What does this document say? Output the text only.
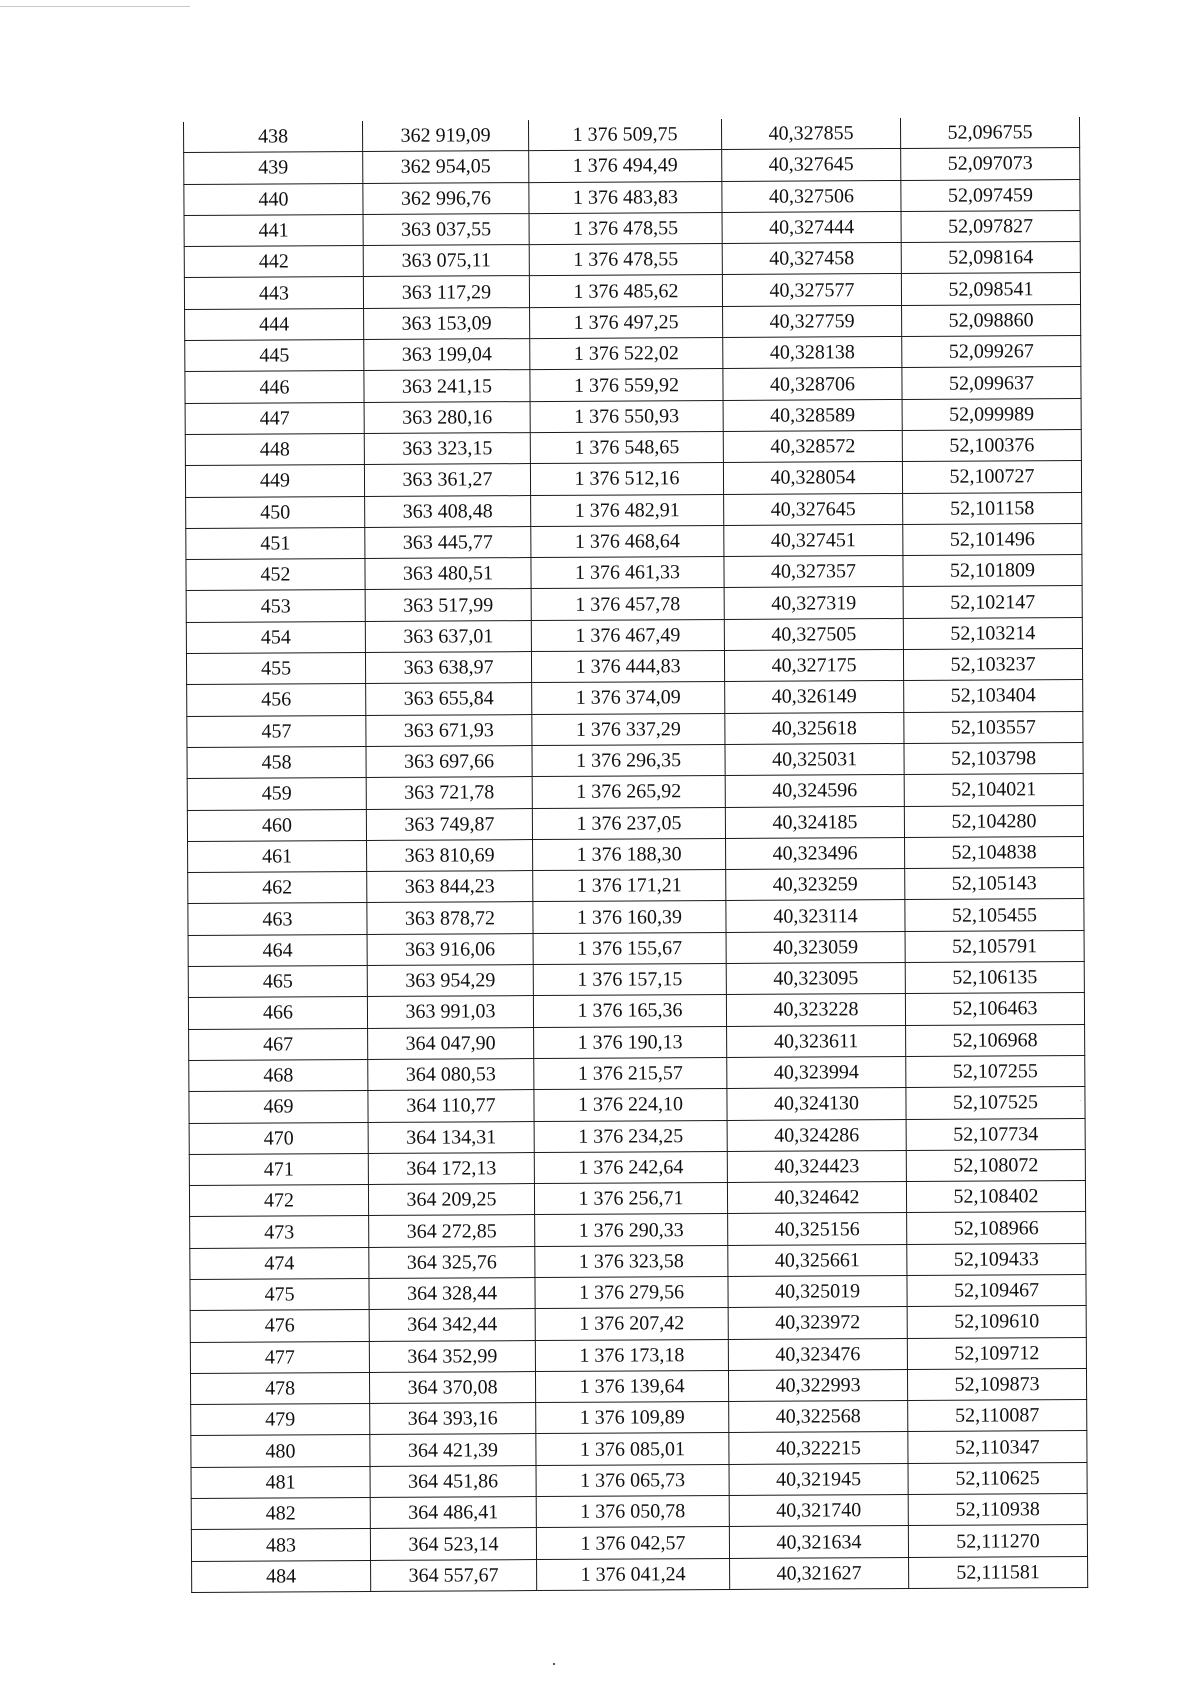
438	362 919,09	1 376 509,75	40,327855	52,096755
439	362 954,05	1 376 494,49	40,327645	52,097073
440	362 996,76	1 376 483,83	40,327506	52,097459
441	363 037,55	1 376 478,55	40,327444	52,097827
442	363 075,11	1 376 478,55	40,327458	52,098164
443	363 117,29	1 376 485,62	40,327577	52,098541
444	363 153,09	1 376 497,25	40,327759	52,098860
445	363 199,04	1 376 522,02	40,328138	52,099267
446	363 241,15	1 376 559,92	40,328706	52,099637
447	363 280,16	1 376 550,93	40,328589	52,099989
448	363 323,15	1 376 548,65	40,328572	52,100376
449	363 361,27	1 376 512,16	40,328054	52,100727
450	363 408,48	1 376 482,91	40,327645	52,101158
451	363 445,77	1 376 468,64	40,327451	52,101496
452	363 480,51	1 376 461,33	40,327357	52,101809
453	363 517,99	1 376 457,78	40,327319	52,102147
454	363 637,01	1 376 467,49	40,327505	52,103214
455	363 638,97	1 376 444,83	40,327175	52,103237
456	363 655,84	1 376 374,09	40,326149	52,103404
457	363 671,93	1 376 337,29	40,325618	52,103557
458	363 697,66	1 376 296,35	40,325031	52,103798
459	363 721,78	1 376 265,92	40,324596	52,104021
460	363 749,87	1 376 237,05	40,324185	52,104280
461	363 810,69	1 376 188,30	40,323496	52,104838
462	363 844,23	1 376 171,21	40,323259	52,105143
463	363 878,72	1 376 160,39	40,323114	52,105455
464	363 916,06	1 376 155,67	40,323059	52,105791
465	363 954,29	1 376 157,15	40,323095	52,106135
466	363 991,03	1 376 165,36	40,323228	52,106463
467	364 047,90	1 376 190,13	40,323611	52,106968
468	364 080,53	1 376 215,57	40,323994	52,107255
469	364 110,77	1 376 224,10	40,324130	52,107525
470	364 134,31	1 376 234,25	40,324286	52,107734
471	364 172,13	1 376 242,64	40,324423	52,108072
472	364 209,25	1 376 256,71	40,324642	52,108402
473	364 272,85	1 376 290,33	40,325156	52,108966
474	364 325,76	1 376 323,58	40,325661	52,109433
475	364 328,44	1 376 279,56	40,325019	52,109467
476	364 342,44	1 376 207,42	40,323972	52,109610
477	364 352,99	1 376 173,18	40,323476	52,109712
478	364 370,08	1 376 139,64	40,322993	52,109873
479	364 393,16	1 376 109,89	40,322568	52,110087
480	364 421,39	1 376 085,01	40,322215	52,110347
481	364 451,86	1 376 065,73	40,321945	52,110625
482	364 486,41	1 376 050,78	40,321740	52,110938
483	364 523,14	1 376 042,57	40,321634	52,111270
484	364 557,67	1 376 041,24	40,321627	52,111581
